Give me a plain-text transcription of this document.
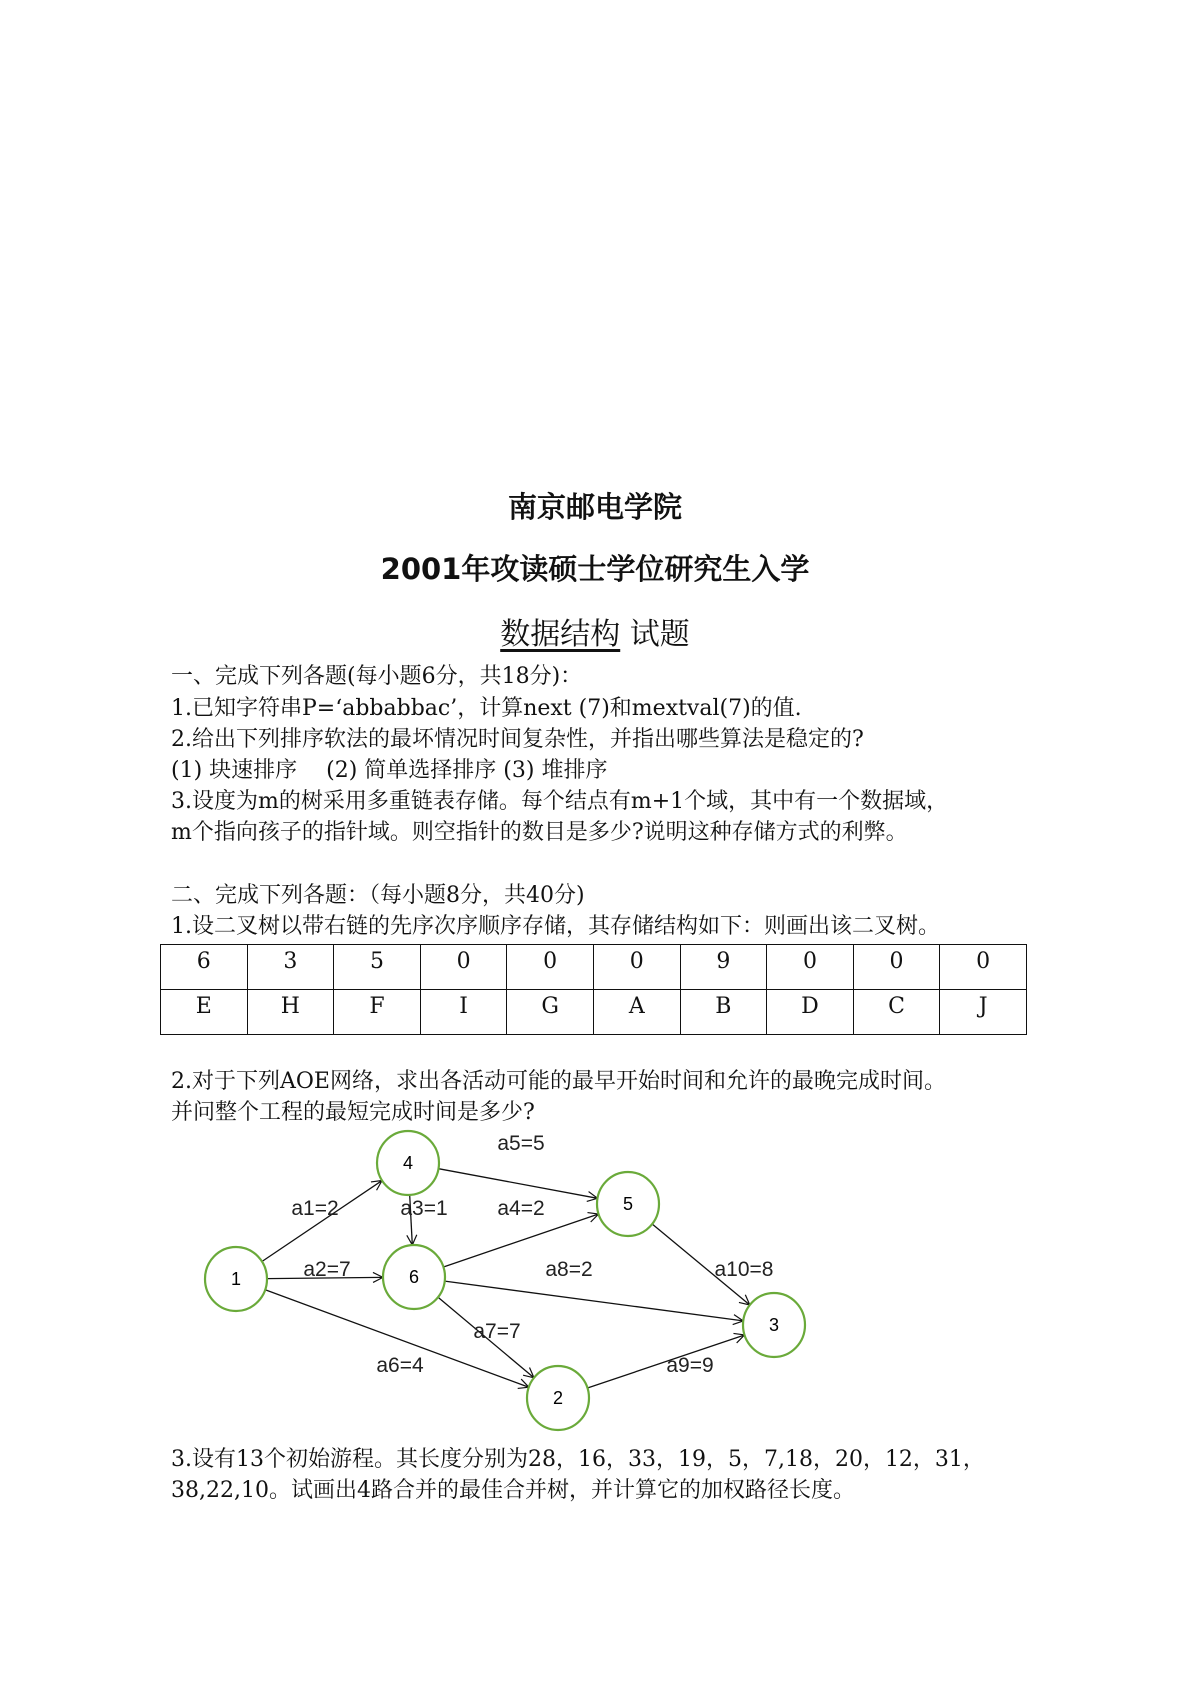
南京邮电学院
2001年攻读硕士学位研究生入学
数据结构 试题
一、完成下列各题(每小题6分，共18分)：
1.已知字符串P=‘abbabbac’，计算next (7)和mextval(7)的值.
2.给出下列排序软法的最坏情况时间复杂性，并指出哪些算法是稳定的?
(1) 块速排序　 (2) 简单选择排序 (3) 堆排序
3.设度为m的树采用多重链表存储。每个结点有m+1个域，其中有一个数据域，
m个指向孩子的指针域。则空指针的数目是多少?说明这种存储方式的利弊。
二、完成下列各题：（每小题8分，共40分)
1.设二叉树以带右链的先序次序顺序存储，其存储结构如下：则画出该二叉树。
6	3	5	0	0	0	9	0	0	0
E	H	F	I	G	A	B	D	C	J
2.对于下列AOE网络，求出各活动可能的最早开始时间和允许的最晚完成时间。
并问整个工程的最短完成时间是多少?
a1=2
a2=7
a3=1 a4=2
a5=5
a6=4
a7=7
a8=2
a9=9
a10=8
1
4
6
5
3
2
3.设有13个初始游程。其长度分别为28，16，33，19，5，7,18，20，12，31，
38,22,10。试画出4路合并的最佳合并树，并计算它的加权路径长度。
